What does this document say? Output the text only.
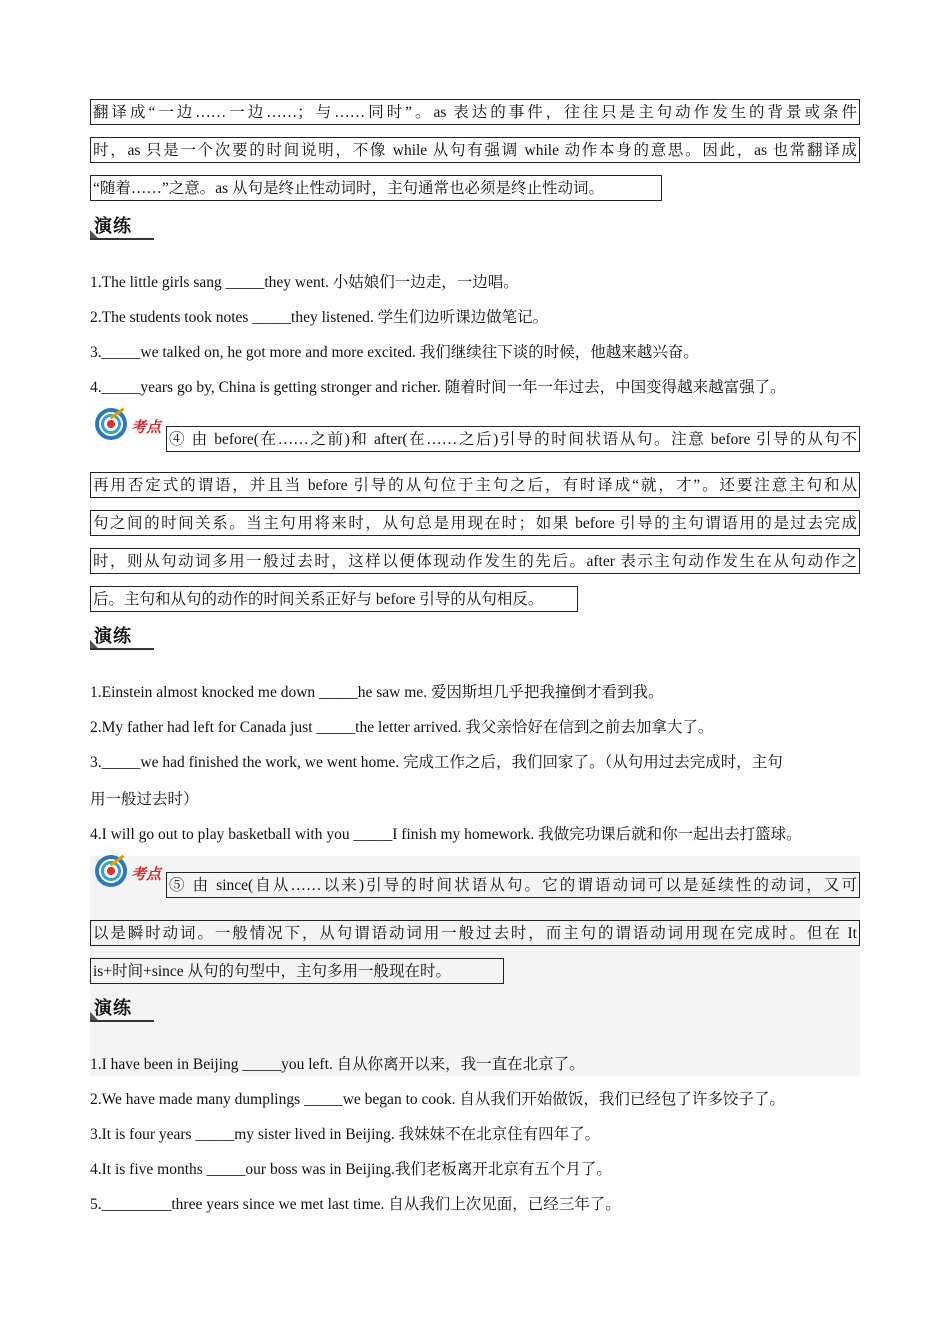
翻译成“一边……一边……；与……同时”。as 表达的事件，往往只是主句动作发生的背景或条件
时，as 只是一个次要的时间说明，不像 while 从句有强调 while 动作本身的意思。因此，as 也常翻译成
“随着……”之意。as 从句是终止性动词时，主句通常也必须是终止性动词。
演练
1.The little girls sang _____they went. 小姑娘们一边走，一边唱。
2.The students took notes _____they listened. 学生们边听课边做笔记。
3._____we talked on, he got more and more excited. 我们继续往下谈的时候，他越来越兴奋。
4._____years go by, China is getting stronger and richer. 随着时间一年一年过去，中国变得越来越富强了。
考点
④ 由 before(在……之前)和 after(在……之后)引导的时间状语从句。注意 before 引导的从句不
再用否定式的谓语，并且当 before 引导的从句位于主句之后，有时译成“就，才”。还要注意主句和从
句之间的时间关系。当主句用将来时，从句总是用现在时；如果 before 引导的主句谓语用的是过去完成
时，则从句动词多用一般过去时，这样以便体现动作发生的先后。after 表示主句动作发生在从句动作之
后。主句和从句的动作的时间关系正好与 before 引导的从句相反。
演练
1.Einstein almost knocked me down _____he saw me. 爱因斯坦几乎把我撞倒才看到我。
2.My father had left for Canada just _____the letter arrived. 我父亲恰好在信到之前去加拿大了。
3._____we had finished the work, we went home. 完成工作之后，我们回家了。（从句用过去完成时，主句
用一般过去时）
4.I will go out to play basketball with you _____I finish my homework. 我做完功课后就和你一起出去打篮球。
考点
⑤ 由 since(自从……以来)引导的时间状语从句。它的谓语动词可以是延续性的动词，又可
以是瞬时动词。一般情况下，从句谓语动词用一般过去时，而主句的谓语动词用现在完成时。但在 It
is+时间+since 从句的句型中，主句多用一般现在时。
演练
1.I have been in Beijing _____you left. 自从你离开以来，我一直在北京了。
2.We have made many dumplings _____we began to cook. 自从我们开始做饭，我们已经包了许多饺子了。
3.It is four years _____my sister lived in Beijing. 我妹妹不在北京住有四年了。
4.It is five months _____our boss was in Beijing.我们老板离开北京有五个月了。
5._________three years since we met last time. 自从我们上次见面，已经三年了。
